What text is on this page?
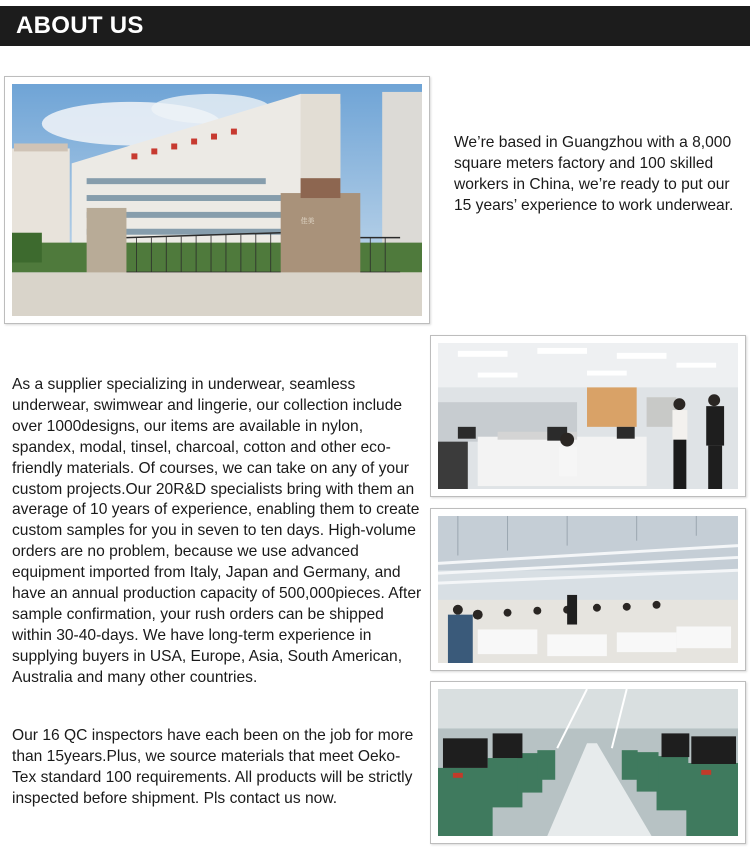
ABOUT US
佳美

We’re based in Guangzhou with a 8,000 square meters factory and 100 skilled workers in China, we’re ready to put our 15 years’ experience to work underwear.

As a supplier specializing in underwear, seamless underwear, swimwear and lingerie, our collection include over 1000designs, our items are available in nylon, spandex, modal, tinsel, charcoal, cotton and other eco-friendly materials. Of courses, we can take on any of your custom projects.Our 20R&D specialists bring with them an average of 10 years of experience, enabling them to create custom samples for you in seven to ten days. High-volume orders are no problem, because we use advanced equipment imported from Italy, Japan and Germany, and have an annual production capacity of 500,000pieces. After sample confirmation, your rush orders can be shipped within 30-40-days. We have long-term experience in supplying buyers in USA, Europe, Asia, South American, Australia and many other countries.

Our 16 QC inspectors have each been on the job for more than 15years.Plus, we source materials that meet Oeko-Tex standard 100 requirements. All products will be strictly inspected before shipment. Pls contact us now.
